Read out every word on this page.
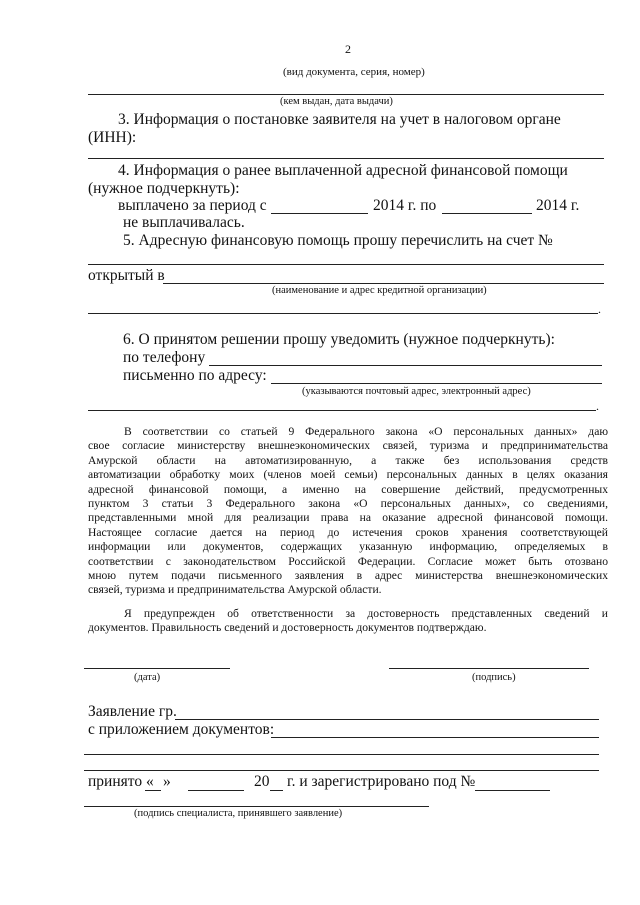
2
(вид документа, серия, номер)
(кем выдан, дата выдачи)
3. Информация о постановке заявителя на учет в налоговом органе
(ИНН):
4. Информация о ранее выплаченной адресной финансовой помощи
(нужное подчеркнуть):
выплачено за период с	2014 г. по	2014 г.
не выплачивалась.
5. Адресную финансовую помощь прошу перечислить на счет №
открытый в
(наименование и адрес кредитной организации)
.
6. О принятом решении прошу уведомить (нужное подчеркнуть):
по телефону
письменно по адресу:
(указываются почтовый адрес, электронный адрес)
.
В соответствии со статьей 9 Федерального закона «О персональных данных» даю
свое согласие министерству внешнеэкономических связей, туризма и предпринимательства
Амурской области на автоматизированную, а также без использования средств
автоматизации обработку моих (членов моей семьи) персональных данных в целях оказания
адресной финансовой помощи, а именно на совершение действий, предусмотренных
пунктом 3 статьи 3 Федерального закона «О персональных данных», со сведениями,
представленными мной для реализации права на оказание адресной финансовой помощи.
Настоящее согласие дается на период до истечения сроков хранения соответствующей
информации или документов, содержащих указанную информацию, определяемых в
соответствии с законодательством Российской Федерации. Согласие может быть отозвано
мною путем подачи письменного заявления в адрес министерства внешнеэкономических
связей, туризма и предпринимательства Амурской области.
Я предупрежден об ответственности за достоверность представленных сведений и
документов. Правильность сведений и достоверность документов подтверждаю.
(дата)	(подпись)
Заявление гр.
с приложением документов:
принято « »	20 г. и зарегистрировано под №
(подпись специалиста, принявшего заявление)
